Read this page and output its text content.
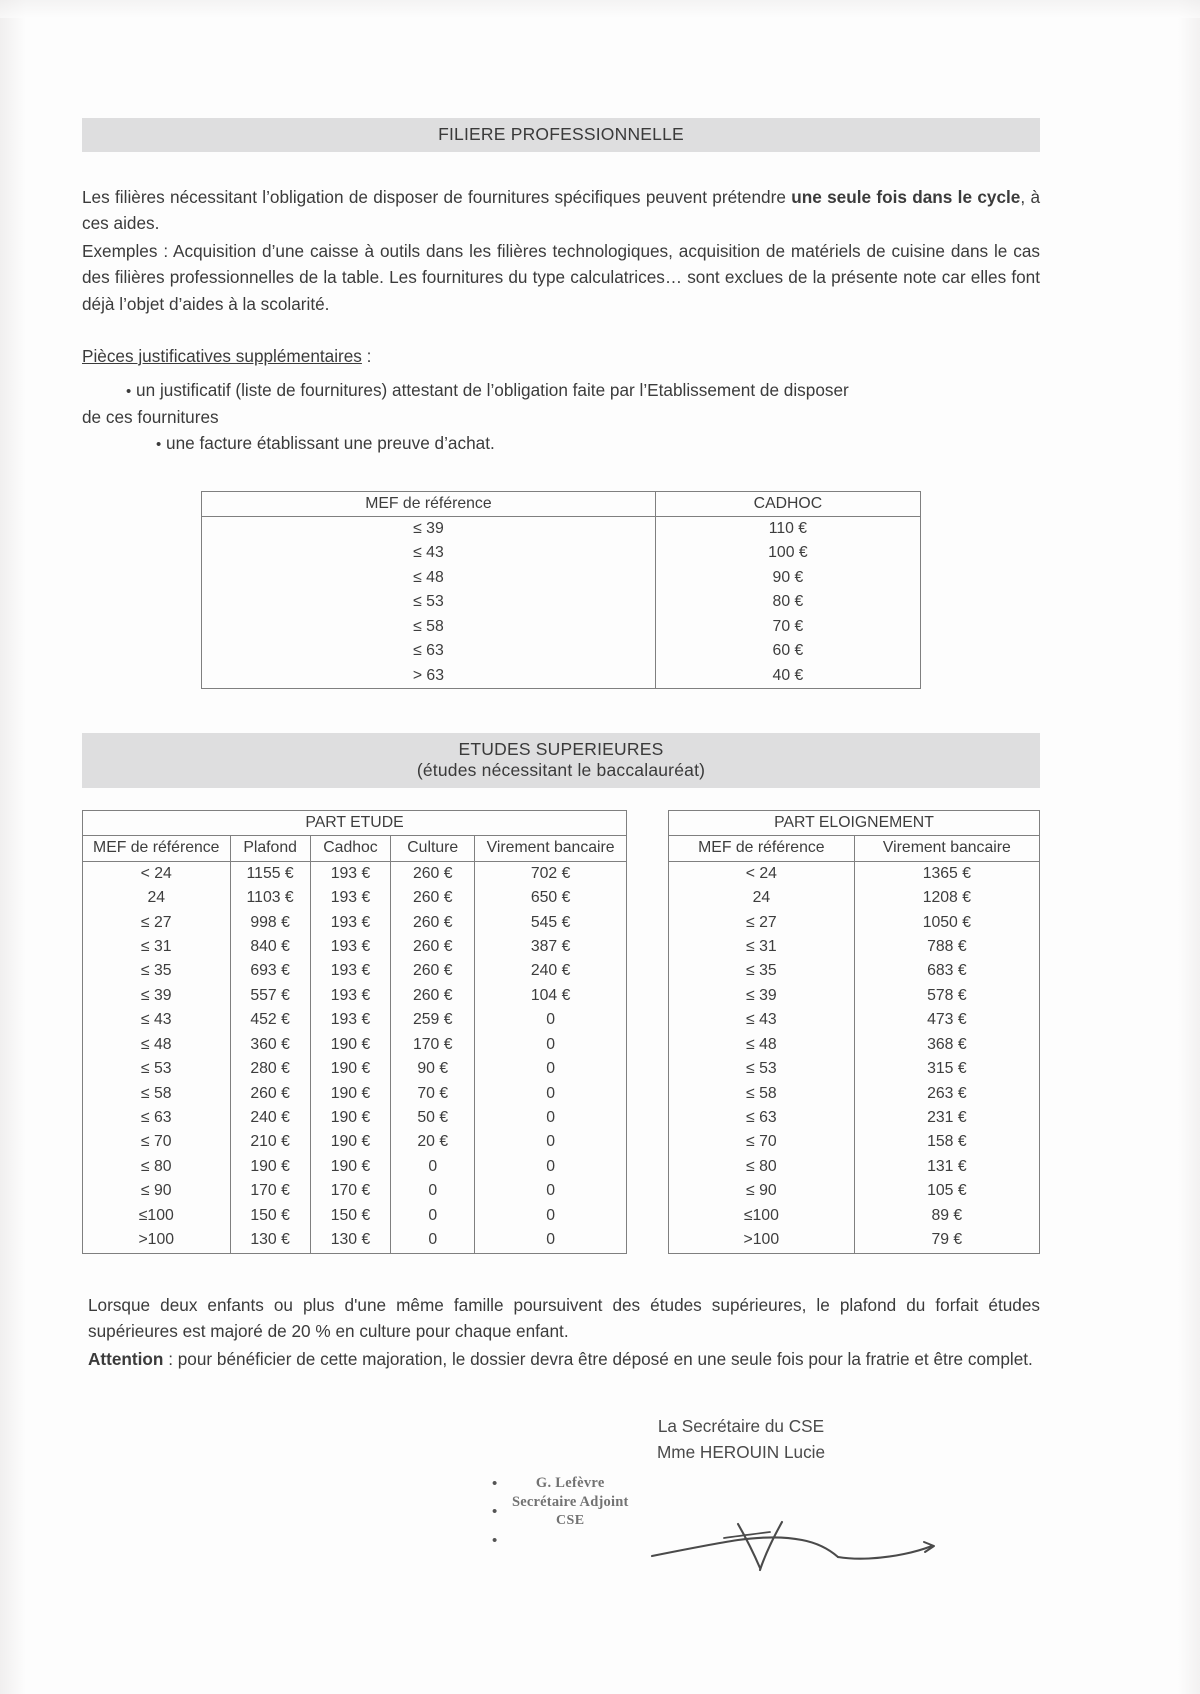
FILIERE PROFESSIONNELLE

Les filières nécessitant l’obligation de disposer de fournitures spécifiques peuvent prétendre une seule fois dans le cycle, à ces aides.

Exemples : Acquisition d’une caisse à outils dans les filières technologiques, acquisition de matériels de cuisine dans le cas des filières professionnelles de la table. Les fournitures du type calculatrices… sont exclues de la présente note car elles font déjà l’objet d’aides à la scolarité.

Pièces justificatives supplémentaires :
• un justificatif (liste de fournitures) attestant de l’obligation faite par l’Etablissement de disposer
de ces fournitures
• une facture établissant une preuve d’achat.
MEF de référence	CADHOC
≤ 39	110 €
≤ 43	100 €
≤ 48	90 €
≤ 53	80 €
≤ 58	70 €
≤ 63	60 €
> 63	40 €
ETUDES SUPERIEURES
(études nécessitant le baccalauréat)
PART ETUDE				
MEF de référence	Plafond	Cadhoc	Culture	Virement bancaire
< 24	1155 €	193 €	260 €	702 €
24	1103 €	193 €	260 €	650 €
≤ 27	998 €	193 €	260 €	545 €
≤ 31	840 €	193 €	260 €	387 €
≤ 35	693 €	193 €	260 €	240 €
≤ 39	557 €	193 €	260 €	104 €
≤ 43	452 €	193 €	259 €	0
≤ 48	360 €	190 €	170 €	0
≤ 53	280 €	190 €	90 €	0
≤ 58	260 €	190 €	70 €	0
≤ 63	240 €	190 €	50 €	0
≤ 70	210 €	190 €	20 €	0
≤ 80	190 €	190 €	0	0
≤ 90	170 €	170 €	0	0
≤100	150 €	150 €	0	0
>100	130 €	130 €	0	0
PART ELOIGNEMENT	
MEF de référence	Virement bancaire
< 24	1365 €
24	1208 €
≤ 27	1050 €
≤ 31	788 €
≤ 35	683 €
≤ 39	578 €
≤ 43	473 €
≤ 48	368 €
≤ 53	315 €
≤ 58	263 €
≤ 63	231 €
≤ 70	158 €
≤ 80	131 €
≤ 90	105 €
≤100	89 €
>100	79 €

Lorsque deux enfants ou plus d'une même famille poursuivent des études supérieures, le plafond du forfait études supérieures est majoré de 20 % en culture pour chaque enfant.

Attention : pour bénéficier de cette majoration, le dossier devra être déposé en une seule fois pour la fratrie et être complet.

La Secrétaire du CSE
Mme HEROUIN Lucie
•
•
•
G. Lefèvre
Secrétaire Adjoint
CSE
